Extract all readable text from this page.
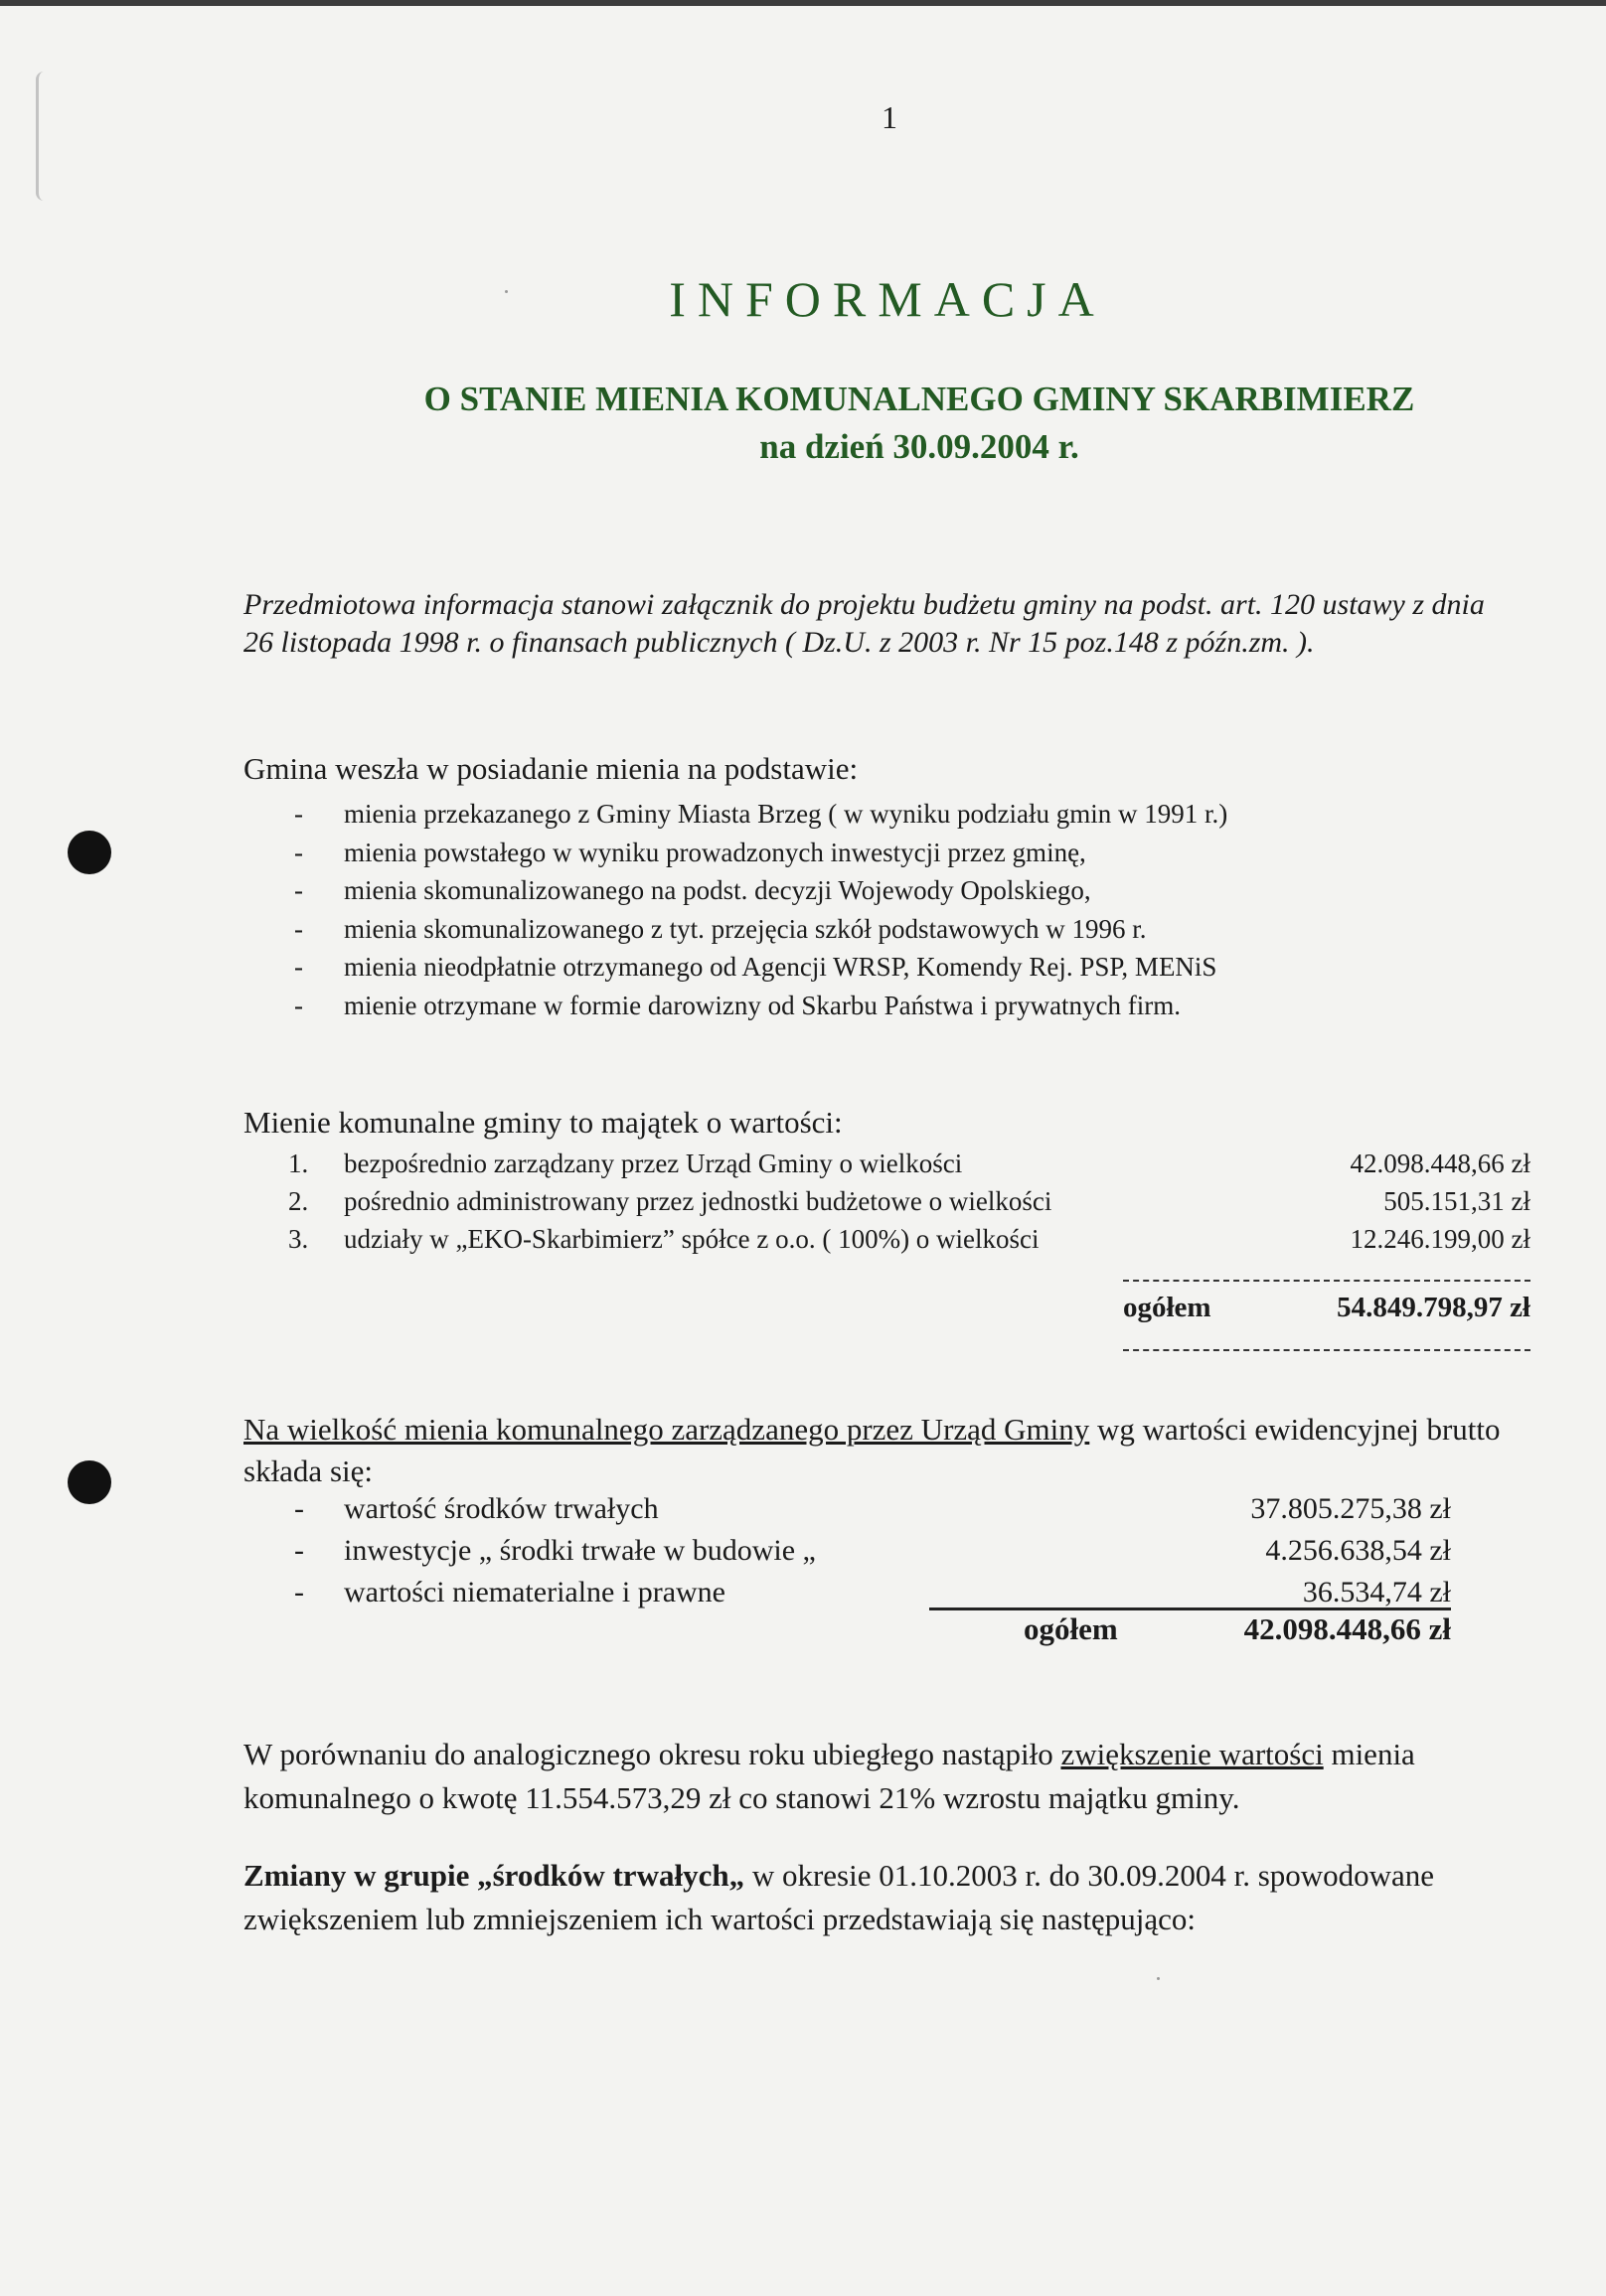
1
INFORMACJA
O STANIE MIENIA KOMUNALNEGO GMINY SKARBIMIERZ
na dzień 30.09.2004 r.
Przedmiotowa informacja stanowi załącznik do projektu budżetu gminy na podst. art. 120 ustawy z dnia 26 listopada 1998 r. o finansach publicznych ( Dz.U. z 2003 r. Nr 15 poz.148 z późn.zm. ).
Gmina weszła w posiadanie mienia na podstawie:
- mienia przekazanego z Gminy Miasta Brzeg ( w wyniku podziału gmin w 1991 r.)
- mienia powstałego w wyniku prowadzonych inwestycji przez gminę,
- mienia skomunalizowanego na podst. decyzji Wojewody Opolskiego,
- mienia skomunalizowanego z tyt. przejęcia szkół podstawowych w 1996 r.
- mienia nieodpłatnie otrzymanego od Agencji WRSP, Komendy Rej. PSP, MENiS
- mienie otrzymane w formie darowizny od Skarbu Państwa i prywatnych firm.
Mienie komunalne gminy to majątek o wartości:
1.	bezpośrednio zarządzany przez Urząd Gminy o wielkości	42.098.448,66 zł
2.	pośrednio administrowany przez jednostki budżetowe o wielkości	505.151,31 zł
3.	udziały w „EKO-Skarbimierz” spółce z o.o. ( 100%) o wielkości	12.246.199,00 zł
ogółem	54.849.798,97 zł
Na wielkość mienia komunalnego zarządzanego przez Urząd Gminy wg wartości ewidencyjnej brutto składa się:
- wartość środków trwałych	37.805.275,38 zł
- inwestycje „ środki trwałe w budowie „	4.256.638,54 zł
- wartości niematerialne i prawne	36.534,74 zł
ogółem	42.098.448,66 zł
W porównaniu do analogicznego okresu roku ubiegłego nastąpiło zwiększenie wartości mienia komunalnego o kwotę 11.554.573,29 zł co stanowi 21% wzrostu majątku gminy.
Zmiany w grupie „środków trwałych„ w okresie 01.10.2003 r. do 30.09.2004 r. spowodowane zwiększeniem lub zmniejszeniem ich wartości przedstawiają się następująco:
